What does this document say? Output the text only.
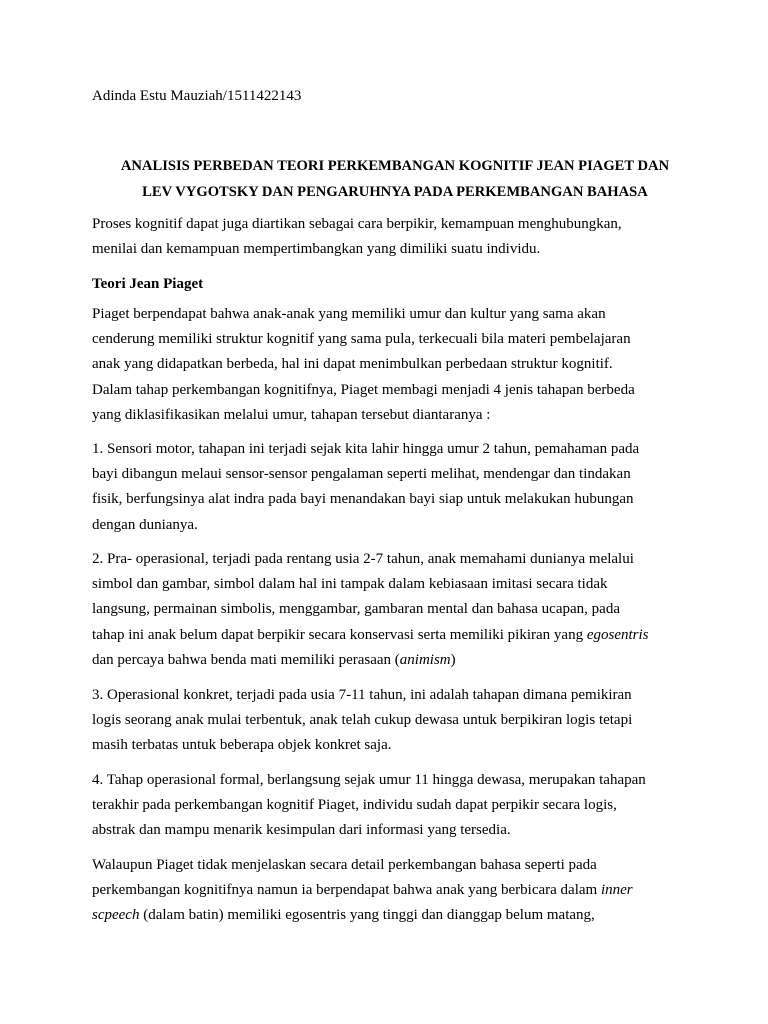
Adinda Estu Mauziah/1511422143

ANALISIS PERBEDAN TEORI PERKEMBANGAN KOGNITIF JEAN PIAGET DAN
LEV VYGOTSKY DAN PENGARUHNYA PADA PERKEMBANGAN BAHASA

Proses kognitif dapat juga diartikan sebagai cara berpikir, kemampuan menghubungkan,
menilai dan kemampuan mempertimbangkan yang dimiliki suatu individu.

Teori Jean Piaget

Piaget berpendapat bahwa anak-anak yang memiliki umur dan kultur yang sama akan
cenderung memiliki struktur kognitif yang sama pula, terkecuali bila materi pembelajaran
anak yang didapatkan berbeda, hal ini dapat menimbulkan perbedaan struktur kognitif.
Dalam tahap perkembangan kognitifnya, Piaget membagi menjadi 4 jenis tahapan berbeda
yang diklasifikasikan melalui umur, tahapan tersebut diantaranya :

1. Sensori motor, tahapan ini terjadi sejak kita lahir hingga umur 2 tahun, pemahaman pada
bayi dibangun melaui sensor-sensor pengalaman seperti melihat, mendengar dan tindakan
fisik, berfungsinya alat indra pada bayi menandakan bayi siap untuk melakukan hubungan
dengan dunianya.

2. Pra- operasional, terjadi pada rentang usia 2-7 tahun, anak memahami dunianya melalui
simbol dan gambar, simbol dalam hal ini tampak dalam kebiasaan imitasi secara tidak
langsung, permainan simbolis, menggambar, gambaran mental dan bahasa ucapan, pada
tahap ini anak belum dapat berpikir secara konservasi serta memiliki pikiran yang egosentris
dan percaya bahwa benda mati memiliki perasaan (animism)

3. Operasional konkret, terjadi pada usia 7-11 tahun, ini adalah tahapan dimana pemikiran
logis seorang anak mulai terbentuk, anak telah cukup dewasa untuk berpikiran logis tetapi
masih terbatas untuk beberapa objek konkret saja.

4. Tahap operasional formal, berlangsung sejak umur 11 hingga dewasa, merupakan tahapan
terakhir pada perkembangan kognitif Piaget, individu sudah dapat perpikir secara logis,
abstrak dan mampu menarik kesimpulan dari informasi yang tersedia.

Walaupun Piaget tidak menjelaskan secara detail perkembangan bahasa seperti pada
perkembangan kognitifnya namun ia berpendapat bahwa anak yang berbicara dalam inner
scpeech (dalam batin) memiliki egosentris yang tinggi dan dianggap belum matang,
